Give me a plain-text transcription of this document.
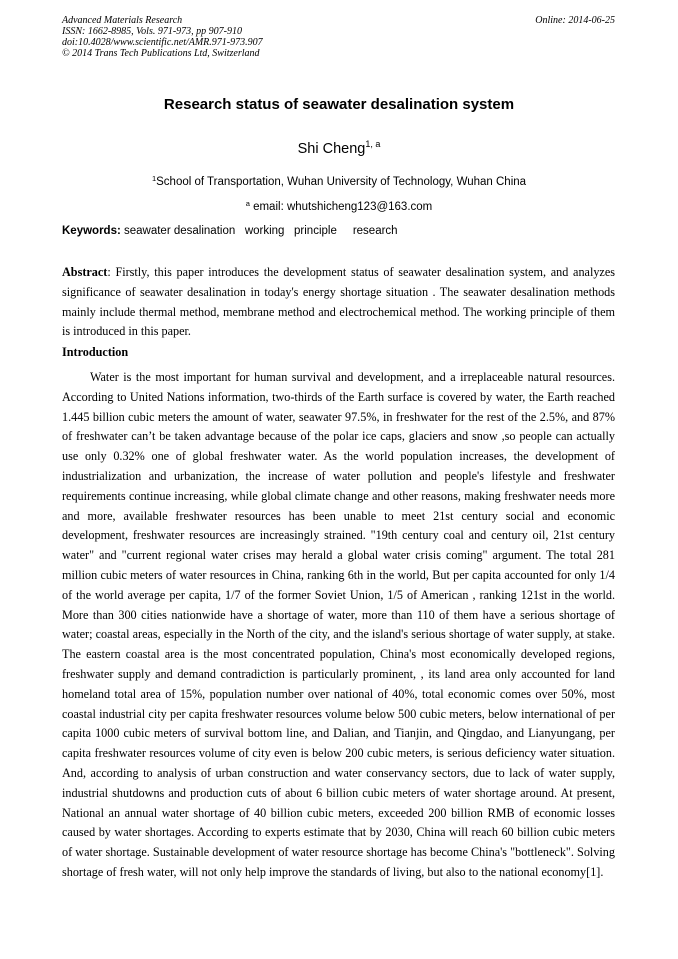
Advanced Materials Research
ISSN: 1662-8985, Vols. 971-973, pp 907-910
doi:10.4028/www.scientific.net/AMR.971-973.907
© 2014 Trans Tech Publications Ltd, Switzerland
Online: 2014-06-25
Research status of seawater desalination system
Shi Cheng$^{1, a}$
$^1$School of Transportation, Wuhan University of Technology, Wuhan China
$^a$ email: whutshicheng123@163.com
Keywords: seawater desalination   working   principle     research
Abstract: Firstly, this paper introduces the development status of seawater desalination system, and analyzes significance of seawater desalination in today's energy shortage situation . The seawater desalination methods mainly include thermal method, membrane method and electrochemical method. The working principle of them is introduced in this paper.
Introduction

Water is the most important for human survival and development, and a irreplaceable natural resources. According to United Nations information, two-thirds of the Earth surface is covered by water, the Earth reached 1.445 billion cubic meters the amount of water, seawater 97.5%, in freshwater for the rest of the 2.5%, and 87% of freshwater can’t be taken advantage because of the polar ice caps, glaciers and snow ,so people can actually use only 0.32% one of global freshwater water. As the world population increases, the development of industrialization and urbanization, the increase of water pollution and people's lifestyle and freshwater requirements continue increasing, while global climate change and other reasons, making freshwater needs more and more, available freshwater resources has been unable to meet 21st century social and economic development, freshwater resources are increasingly strained. "19th century coal and century oil, 21st century water" and "current regional water crises may herald a global water crisis coming" argument. The total 281 million cubic meters of water resources in China, ranking 6th in the world, But per capita accounted for only 1/4 of the world average per capita, 1/7 of the former Soviet Union, 1/5 of American , ranking 121st in the world. More than 300 cities nationwide have a shortage of water, more than 110 of them have a serious shortage of water; coastal areas, especially in the North of the city, and the island's serious shortage of water supply, at stake. The eastern coastal area is the most concentrated population, China's most economically developed regions, freshwater supply and demand contradiction is particularly prominent, , its land area only accounted for land homeland total area of 15%, population number over national of 40%, total economic comes over 50%, most coastal industrial city per capita freshwater resources volume below 500 cubic meters, below international of per capita 1000 cubic meters of survival bottom line, and Dalian, and Tianjin, and Qingdao, and Lianyungang, per capita freshwater resources volume of city even is below 200 cubic meters, is serious deficiency water situation. And, according to analysis of urban construction and water conservancy sectors, due to lack of water supply, industrial shutdowns and production cuts of about 6 billion cubic meters of water shortage around. At present, National an annual water shortage of 40 billion cubic meters, exceeded 200 billion RMB of economic losses caused by water shortages. According to experts estimate that by 2030, China will reach 60 billion cubic meters of water shortage. Sustainable development of water resource shortage has become China's "bottleneck". Solving shortage of fresh water, will not only help improve the standards of living, but also to the national economy[1].
